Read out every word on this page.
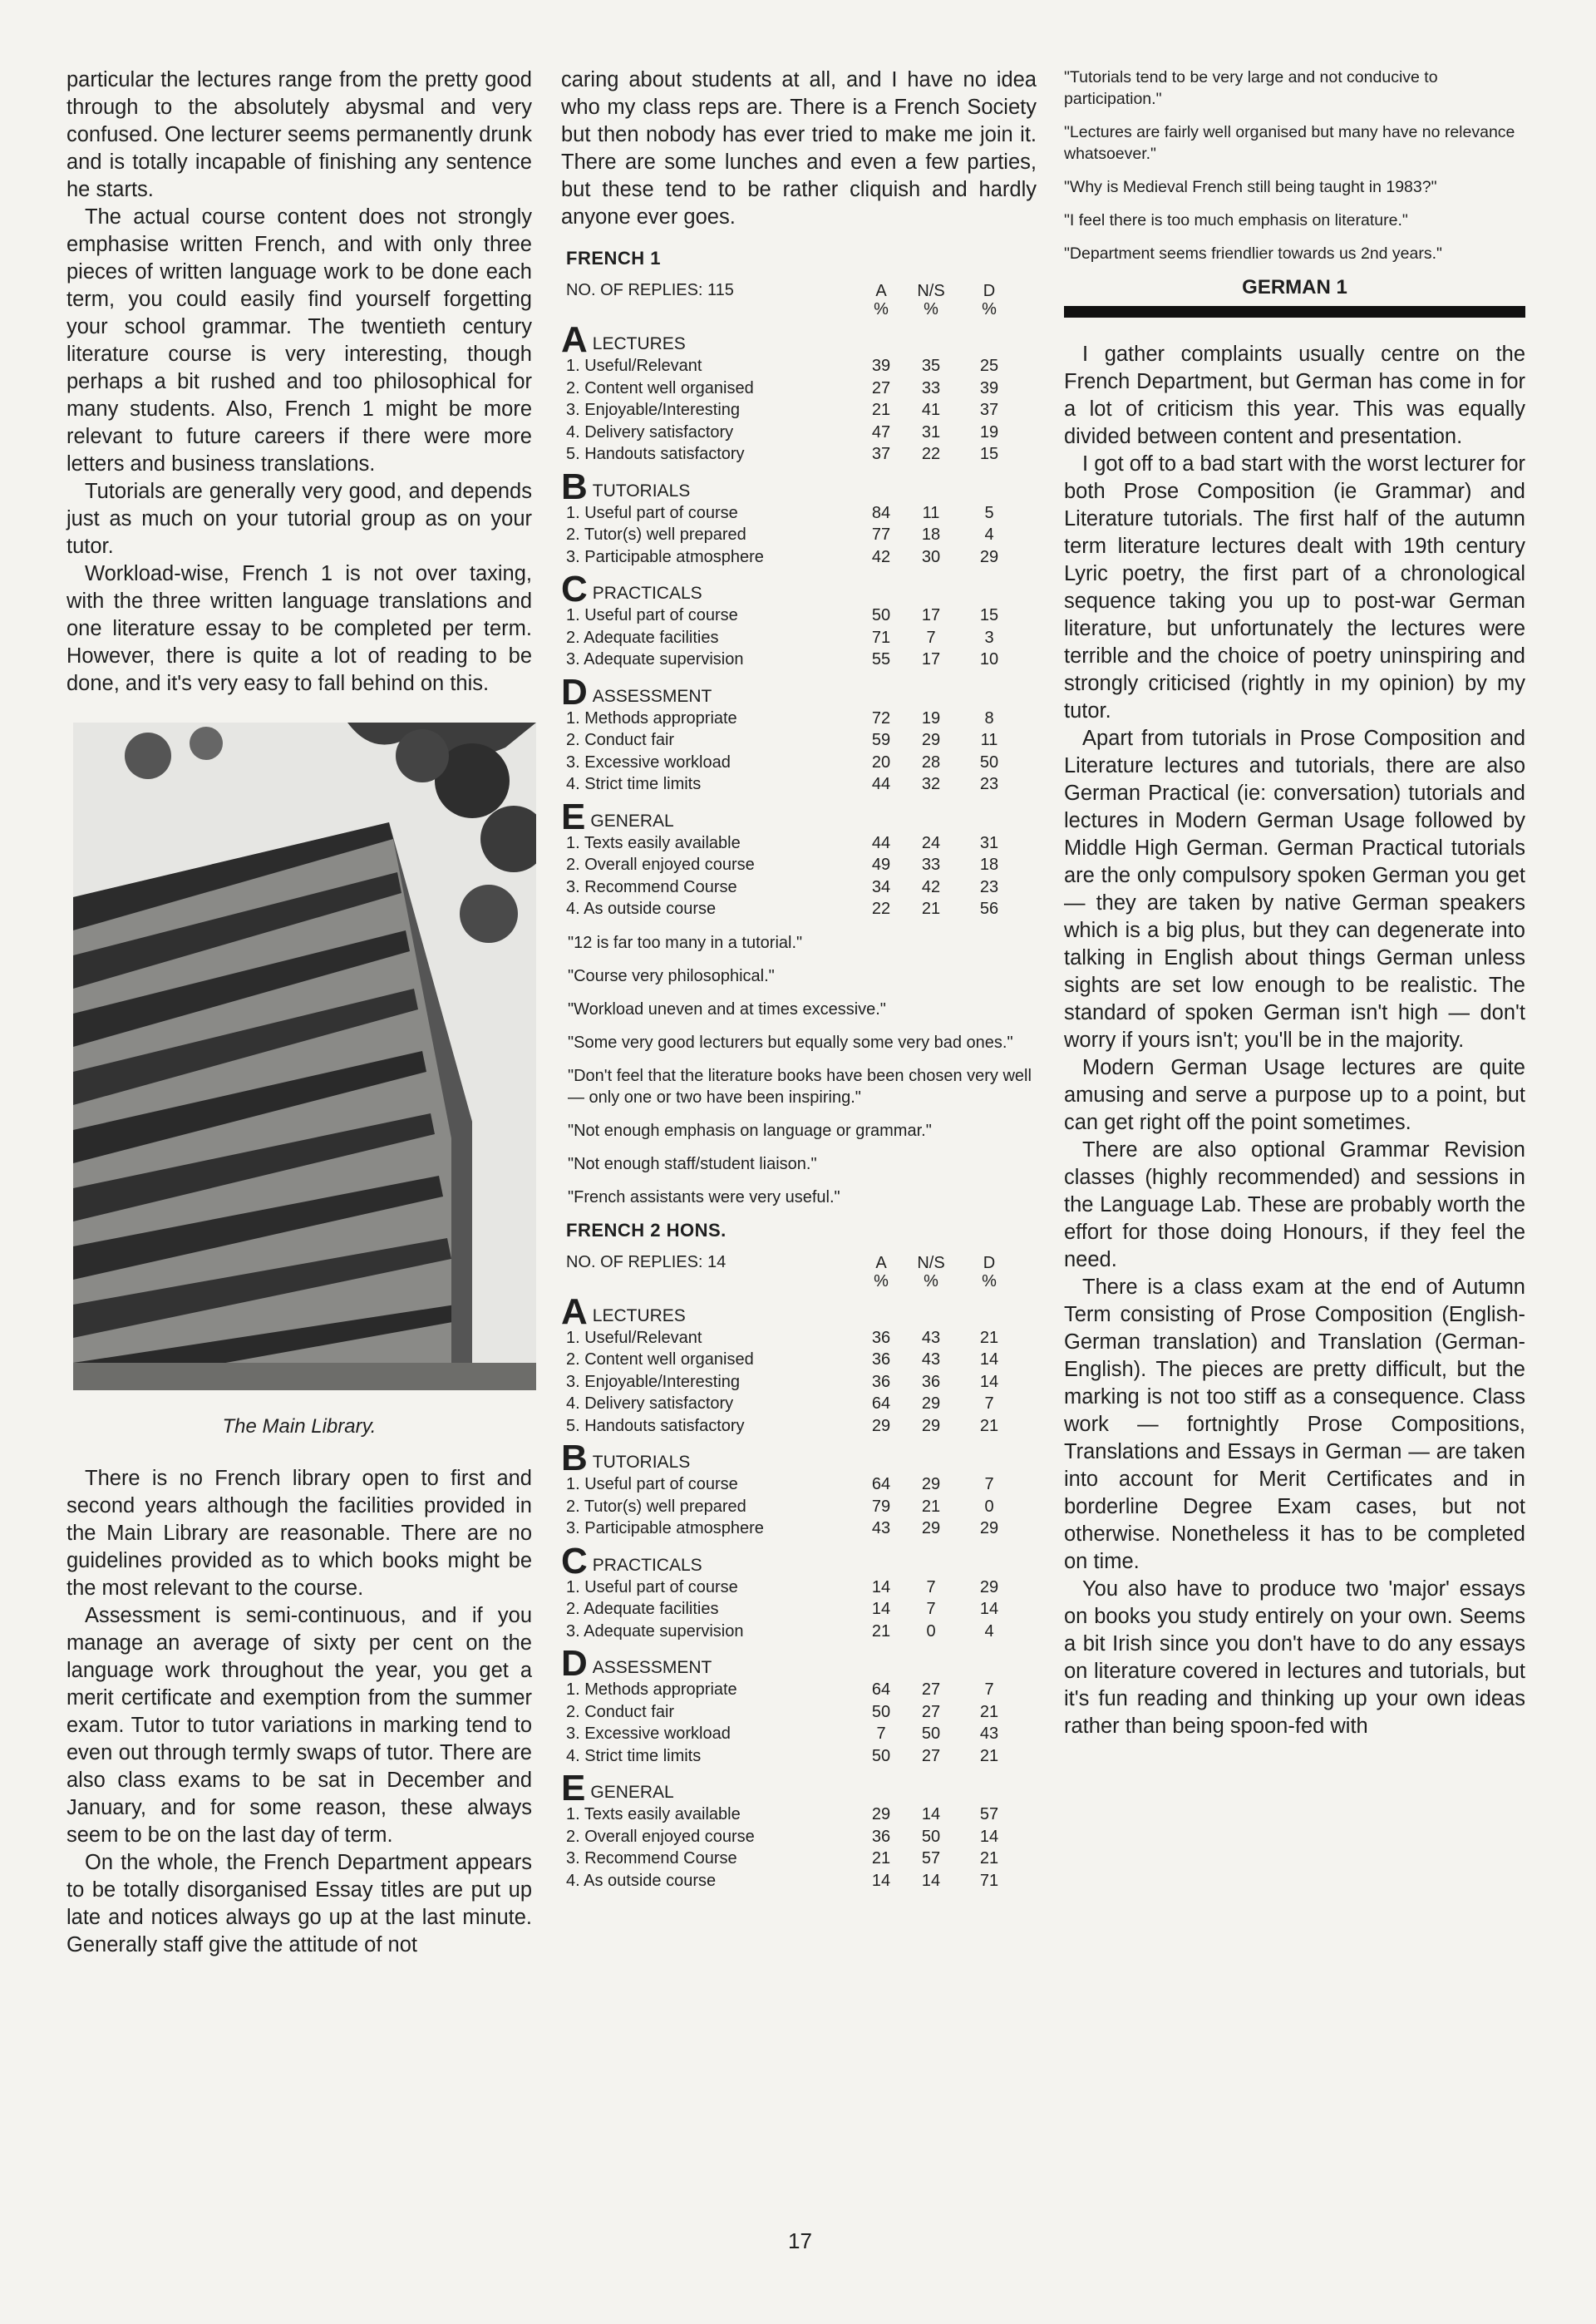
particular the lectures range from the pretty good through to the absolutely abysmal and very confused. One lecturer seems permanently drunk and is totally incapable of finishing any sentence he starts.

The actual course content does not strongly emphasise written French, and with only three pieces of written language work to be done each term, you could easily find yourself forgetting your school grammar. The twentieth century literature course is very interesting, though perhaps a bit rushed and too philosophical for many students. Also, French 1 might be more relevant to future careers if there were more letters and business translations.

Tutorials are generally very good, and depends just as much on your tutorial group as on your tutor.

Workload-wise, French 1 is not over taxing, with the three written language translations and one literature essay to be completed per term. However, there is quite a lot of reading to be done, and it's very easy to fall behind on this.

The Main Library.

There is no French library open to first and second years although the facilities provided in the Main Library are reasonable. There are no guidelines provided as to which books might be the most relevant to the course.

Assessment is semi-continuous, and if you manage an average of sixty per cent on the language work throughout the year, you get a merit certificate and exemption from the summer exam. Tutor to tutor variations in marking tend to even out through termly swaps of tutor. There are also class exams to be sat in December and January, and for some reason, these always seem to be on the last day of term.

On the whole, the French Department appears to be totally disorganised Essay titles are put up late and notices always go up at the last minute. Generally staff give the attitude of not

caring about students at all, and I have no idea who my class reps are. There is a French Society but then nobody has ever tried to make me join it. There are some lunches and even a few parties, but these tend to be rather cliquish and hardly anyone ever goes.

FRENCH 1
NO. OF REPLIES: 115	A
%
N/S
%
D
%
ALECTURES
1. Useful/Relevant	39	35	25
2. Content well organised	27	33	39
3. Enjoyable/Interesting	21	41	37
4. Delivery satisfactory	47	31	19
5. Handouts satisfactory	37	22	15
BTUTORIALS
1. Useful part of course	84	11	5
2. Tutor(s) well prepared	77	18	4
3. Participable atmosphere	42	30	29
CPRACTICALS
1. Useful part of course	50	17	15
2. Adequate facilities	71	7	3
3. Adequate supervision	55	17	10
DASSESSMENT
1. Methods appropriate	72	19	8
2. Conduct fair	59	29	11
3. Excessive workload	20	28	50
4. Strict time limits	44	32	23
EGENERAL
1. Texts easily available	44	24	31
2. Overall enjoyed course	49	33	18
3. Recommend Course	34	42	23
4. As outside course	22	21	56
"12 is far too many in a tutorial."
"Course very philosophical."
"Workload uneven and at times excessive."
"Some very good lecturers but equally some very bad ones."
"Don't feel that the literature books have been chosen very well — only one or two have been inspiring."
"Not enough emphasis on language or grammar."
"Not enough staff/student liaison."
"French assistants were very useful."
FRENCH 2 HONS.
NO. OF REPLIES: 14	A
%
N/S
%
D
%
ALECTURES
1. Useful/Relevant	36	43	21
2. Content well organised	36	43	14
3. Enjoyable/Interesting	36	36	14
4. Delivery satisfactory	64	29	7
5. Handouts satisfactory	29	29	21
BTUTORIALS
1. Useful part of course	64	29	7
2. Tutor(s) well prepared	79	21	0
3. Participable atmosphere	43	29	29
CPRACTICALS
1. Useful part of course	14	7	29
2. Adequate facilities	14	7	14
3. Adequate supervision	21	0	4
DASSESSMENT
1. Methods appropriate	64	27	7
2. Conduct fair	50	27	21
3. Excessive workload	7	50	43
4. Strict time limits	50	27	21
EGENERAL
1. Texts easily available	29	14	57
2. Overall enjoyed course	36	50	14
3. Recommend Course	21	57	21
4. As outside course	14	14	71
"Tutorials tend to be very large and not conducive to participation."
"Lectures are fairly well organised but many have no relevance whatsoever."
"Why is Medieval French still being taught in 1983?"
"I feel there is too much emphasis on literature."
"Department seems friendlier towards us 2nd years."
GERMAN 1

I gather complaints usually centre on the French Department, but German has come in for a lot of criticism this year. This was equally divided between content and presentation.

I got off to a bad start with the worst lecturer for both Prose Composition (ie Grammar) and Literature tutorials. The first half of the autumn term literature lectures dealt with 19th century Lyric poetry, the first part of a chronological sequence taking you up to post-war German literature, but unfortunately the lectures were terrible and the choice of poetry uninspiring and strongly criticised (rightly in my opinion) by my tutor.

Apart from tutorials in Prose Composition and Literature lectures and tutorials, there are also German Practical (ie: conversation) tutorials and lectures in Modern German Usage followed by Middle High German. German Practical tutorials are the only compulsory spoken German you get — they are taken by native German speakers which is a big plus, but they can degenerate into talking in English about things German unless sights are set low enough to be realistic. The standard of spoken German isn't high — don't worry if yours isn't; you'll be in the majority.

Modern German Usage lectures are quite amusing and serve a purpose up to a point, but can get right off the point sometimes.

There are also optional Grammar Revision classes (highly recommended) and sessions in the Language Lab. These are probably worth the effort for those doing Honours, if they feel the need.

There is a class exam at the end of Autumn Term consisting of Prose Composition (English-German translation) and Translation (German-English). The pieces are pretty difficult, but the marking is not too stiff as a consequence. Class work — fortnightly Prose Compositions, Translations and Essays in German — are taken into account for Merit Certificates and in borderline Degree Exam cases, but not otherwise. Nonetheless it has to be completed on time.

You also have to produce two 'major' essays on books you study entirely on your own. Seems a bit Irish since you don't have to do any essays on literature covered in lectures and tutorials, but it's fun reading and thinking up your own ideas rather than being spoon-fed with

17
